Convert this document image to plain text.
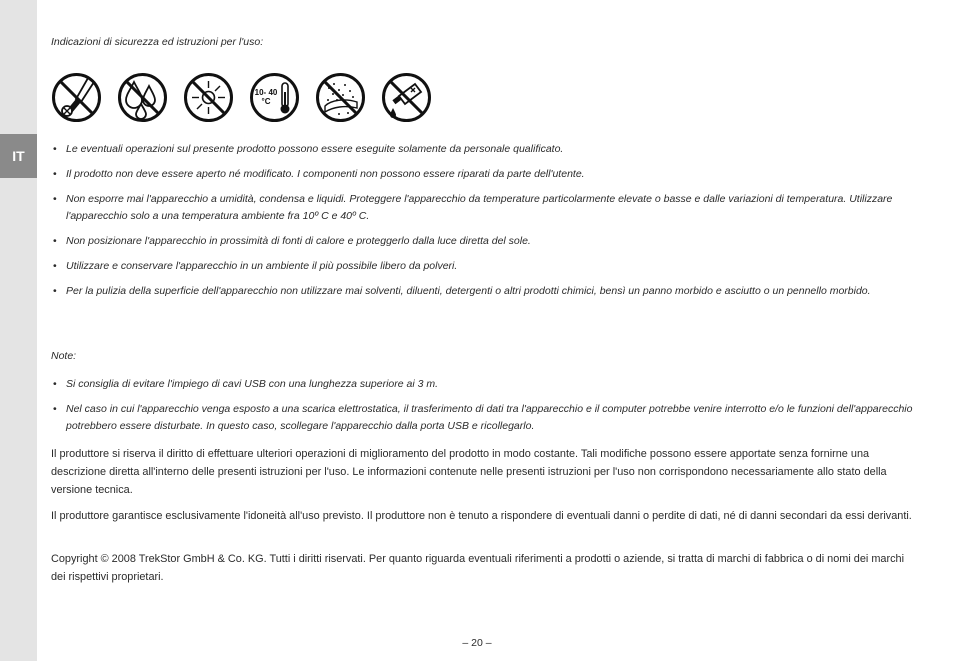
IT
Indicazioni di sicurezza ed istruzioni per l'uso:
10- 40
°C
• Le eventuali operazioni sul presente prodotto possono essere eseguite solamente da personale qualificato.
• Il prodotto non deve essere aperto né modificato. I componenti non possono essere riparati da parte dell'utente.
• Non esporre mai l'apparecchio a umidità, condensa e liquidi. Proteggere l'apparecchio da temperature particolarmente elevate o basse e dalle variazioni di temperatura. Utilizzare l'apparecchio solo a una temperatura ambiente fra 10º C e 40º C.
• Non posizionare l'apparecchio in prossimità di fonti di calore e proteggerlo dalla luce diretta del sole.
• Utilizzare e conservare l'apparecchio in un ambiente il più possibile libero da polveri.
• Per la pulizia della superficie dell'apparecchio non utilizzare mai solventi, diluenti, detergenti o altri prodotti chimici, bensì un panno morbido e asciutto o un pennello morbido.
Note:
• Si consiglia di evitare l'impiego di cavi USB con una lunghezza superiore ai 3 m.
• Nel caso in cui l'apparecchio venga esposto a una scarica elettrostatica, il trasferimento di dati tra l'apparecchio e il computer potrebbe venire interrotto e/o le funzioni dell'apparecchio potrebbero essere disturbate. In questo caso, scollegare l'apparecchio dalla porta USB e ricollegarlo.

Il produttore si riserva il diritto di effettuare ulteriori operazioni di miglioramento del prodotto in modo costante. Tali modifiche possono essere apportate senza fornirne una descrizione diretta all'interno delle presenti istruzioni per l'uso. Le informazioni contenute nelle presenti istruzioni per l'uso non corrispondono necessariamente allo stato della versione tecnica.

Il produttore garantisce esclusivamente l'idoneità all'uso previsto. Il produttore non è tenuto a rispondere di eventuali danni o perdite di dati, né di danni secondari da essi derivanti.

Copyright © 2008 TrekStor GmbH & Co. KG. Tutti i diritti riservati. Per quanto riguarda eventuali riferimenti a prodotti o aziende, si tratta di marchi di fabbrica o di nomi dei marchi dei rispettivi proprietari.

– 20 –
